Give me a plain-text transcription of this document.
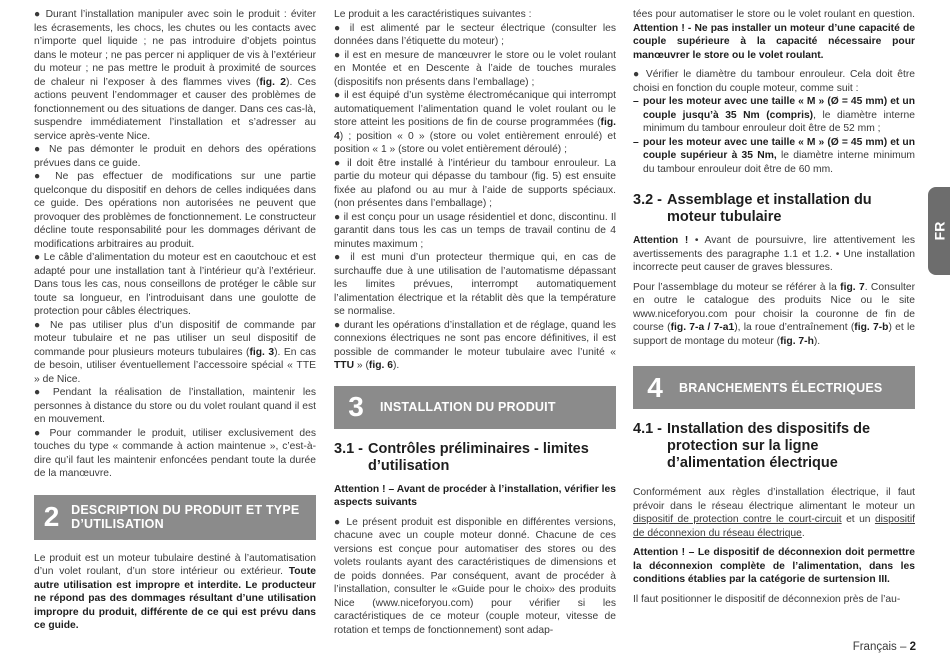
● Durant l’installation manipuler avec soin le produit : éviter les écrasements, les chocs, les chutes ou les contacts avec n’importe quel liquide ; ne pas introduire d’objets pointus dans le moteur ; ne pas percer ni appliquer de vis à l’extérieur du moteur ; ne pas mettre le produit à proximité de sources de chaleur ni l’exposer à des flammes vives (fig. 2). Ces actions peuvent l’endommager et causer des problèmes de fonctionnement ou des situations de danger. Dans ces cas-là, suspendre immédiatement l’installation et s’adresser au service après-vente Nice.

● Ne pas démonter le produit en dehors des opérations prévues dans ce guide.

● Ne pas effectuer de modifications sur une partie quelconque du dispositif en dehors de celles indiquées dans ce guide. Des opérations non autorisées ne peuvent que provoquer des problèmes de fonctionnement. Le constructeur décline toute responsabilité pour les dommages dérivant de modifications arbitraires au produit.

● Le câble d’alimentation du moteur est en caoutchouc et est adapté pour une installation tant à l’intérieur qu’à l’extérieur. Dans tous les cas, nous conseillons de protéger le câble sur toute sa longueur, en l’introduisant dans une goulotte de protection pour câbles électriques.

● Ne pas utiliser plus d’un dispositif de commande par moteur tubulaire et ne pas utiliser un seul dispositif de commande pour plusieurs moteurs tubulaires (fig. 3). En cas de besoin, utiliser éventuellement l’accessoire spécial « TTE » de Nice.

● Pendant la réalisation de l’installation, maintenir les personnes à distance du store ou du volet roulant quand il est en mouvement.

● Pour commander le produit, utiliser exclusivement des touches du type « commande à action maintenue », c’est-à-dire qu’il faut les maintenir enfoncées pendant toute la durée de la manœuvre.

2 DESCRIPTION DU PRODUIT ET TYPE D’UTILISATION

Le produit est un moteur tubulaire destiné à l’automatisation d’un volet roulant, d’un store intérieur ou extérieur. Toute autre utilisation est impropre et interdite. Le producteur ne répond pas des dommages résultant d’une utilisation impropre du produit, différente de ce qui est prévu dans ce guide.

Le produit a les caractéristiques suivantes :

● il est alimenté par le secteur électrique (consulter les données dans l’étiquette du moteur) ;

● il est en mesure de manœuvrer le store ou le volet roulant en Montée et en Descente à l’aide de touches murales (dispositifs non présents dans l’emballage) ;

● il est équipé d’un système électromécanique qui interrompt automatiquement l’alimentation quand le volet roulant ou le store atteint les positions de fin de course programmées (fig. 4) ; position « 0 » (store ou volet entièrement enroulé) et position « 1 » (store ou volet entièrement déroulé) ;

● il doit être installé à l’intérieur du tambour enrouleur. La partie du moteur qui dépasse du tambour (fig. 5) est ensuite fixée au plafond ou au mur à l’aide de supports spéciaux. (non présentes dans l’emballage) ;

● il est conçu pour un usage résidentiel et donc, discontinu. Il garantit dans tous les cas un temps de travail continu de 4 minutes maximum ;

● il est muni d’un protecteur thermique qui, en cas de surchauffe due à une utilisation de l’automatisme dépassant les limites prévues, interrompt automatiquement l’alimentation électrique et la rétablit dès que la température se normalise.

● durant les opérations d’installation et de réglage, quand les connexions électriques ne sont pas encore définitives, il est possible de commander le moteur tubulaire avec l’unité « TTU » (fig. 6).

3	INSTALLATION DU PRODUIT
3.1 - Contrôles préliminaires - limites d’utilisation

Attention ! – Avant de procéder à l’installation, vérifier les aspects suivants

● Le présent produit est disponible en différentes versions, chacune avec un couple moteur donné. Chacune de ces versions est conçue pour automatiser des stores ou des volets roulants ayant des caractéristiques de dimensions et de poids données. Par conséquent, avant de procéder à l’installation, consulter le «Guide pour le choix» des produits Nice (www.niceforyou.com) pour vérifier si les caractéristiques de ce moteur (couple moteur, vitesse de rotation et temps de fonctionnement) sont adap-

tées pour automatiser le store ou le volet roulant en question. Attention ! - Ne pas installer un moteur d’une capacité de couple supérieure à la capacité nécessaire pour manœuvrer le store ou le volet roulant.

● Vérifier le diamètre du tambour enrouleur. Cela doit être choisi en fonction du couple moteur, comme suit :

– pour les moteur avec une taille « M » (Ø = 45 mm) et un couple jusqu’à 35 Nm (compris), le diamètre interne minimum du tambour enrouleur doit être de 52 mm ;
– pour les moteur avec une taille « M » (Ø = 45 mm) et un couple supérieur à 35 Nm, le diamètre interne minimum du tambour enrouleur doit être de 60 mm.
3.2 - Assemblage et installation du moteur tubulaire

Attention ! • Avant de poursuivre, lire attentivement les avertissements des paragraphe 1.1 et 1.2. • Une installation incorrecte peut causer de graves blessures.

Pour l’assemblage du moteur se référer à la fig. 7. Consulter en outre le catalogue des produits Nice ou le site www.niceforyou.com pour choisir la couronne de fin de course (fig. 7-a / 7-a1), la roue d’entraînement (fig. 7-b) et le support de montage du moteur (fig. 7-h).

4	BRANCHEMENTS ÉLECTRIQUES
4.1 - Installation des dispositifs de protection sur la ligne d’alimentation électrique

Conformément aux règles d’installation électrique, il faut prévoir dans le réseau électrique alimentant le moteur un dispositif de protection contre le court-circuit et un dispositif de déconnexion du réseau électrique.

Attention ! – Le dispositif de déconnexion doit permettre la déconnexion complète de l’alimentation, dans les conditions établies par la catégorie de surtension III.

Il faut positionner le dispositif de déconnexion près de l’au-

FR
Français – 2
